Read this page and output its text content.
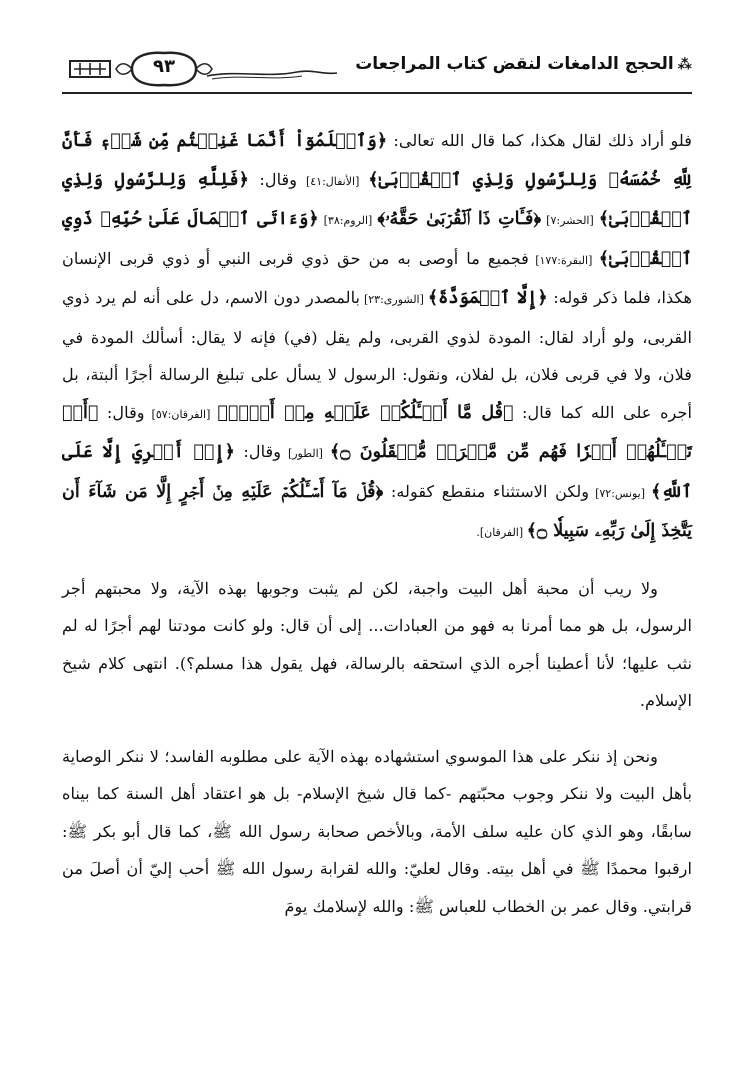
⁂الحجج الدامغات لنقض كتاب المراجعات
٩٣

فلو أراد ذلك لقال هكذا، كما قال الله تعالى: ﴿وَٱعۡلَمُوٓاْ أَنَّمَا غَنِمۡتُم مِّن شَيۡءٖ فَأَنَّ لِلَّهِ خُمُسَهُۥ وَلِلرَّسُولِ وَلِذِي ٱلۡقُرۡبَىٰ﴾ [الأنفال:٤١] وقال: ﴿فَلِلَّهِ وَلِلرَّسُولِ وَلِذِي ٱلۡقُرۡبَىٰ﴾ [الحشر:٧] ﴿فَـَٔاتِ ذَا ٱلۡقُرۡبَىٰ حَقَّهُۥ﴾ [الروم:٣٨] ﴿وَءَاتَى ٱلۡمَالَ عَلَىٰ حُبِّهِۦ ذَوِي ٱلۡقُرۡبَىٰ﴾ [البقرة:١٧٧] فجميع ما أوصى به من حق ذوي قربى النبي أو ذوي قربى الإنسان هكذا، فلما ذكر قوله: ﴿إِلَّا ٱلۡمَوَدَّةَ﴾ [الشورى:٢٣] بالمصدر دون الاسم، دل على أنه لم يرد ذوي القربى، ولو أراد لقال: المودة لذوي القربى، ولم يقل (في) فإنه لا يقال: أسألك المودة في فلان، ولا في قربى فلان، بل لفلان، ونقول: الرسول لا يسأل على تبليغ الرسالة أجرًا ألبتة، بل أجره على الله كما قال: ﴿قُل مَّا أَسۡـَٔلُكُمۡ عَلَيۡهِ مِنۡ أَجۡرٖ﴾ [الفرقان:٥٧] وقال: ﴿أَمۡ تَسۡـَٔلُهُمۡ أَجۡرٗا فَهُم مِّن مَّغۡرَمٖ مُّثۡقَلُونَ ۝﴾ [الطور] وقال: ﴿إِنۡ أَجۡرِيَ إِلَّا عَلَى ٱللَّهِ﴾ [يونس:٧٢] ولكن الاستثناء منقطع كقوله: ﴿قُلۡ مَآ أَسۡـَٔلُكُمۡ عَلَيۡهِ مِنۡ أَجۡرٍ إِلَّا مَن شَآءَ أَن يَتَّخِذَ إِلَىٰ رَبِّهِۦ سَبِيلٗا ۝﴾ [الفرقان].

ولا ريب أن محبة أهل البيت واجبة، لكن لم يثبت وجوبها بهذه الآية، ولا محبتهم أجر الرسول، بل هو مما أمرنا به فهو من العبادات... إلى أن قال: ولو كانت مودتنا لهم أجرًا له لم نثب عليها؛ لأنا أعطينا أجره الذي استحقه بالرسالة، فهل يقول هذا مسلم؟). انتهى كلام شيخ الإسلام.

ونحن إذ ننكر على هذا الموسوي استشهاده بهذه الآية على مطلوبه الفاسد؛ لا ننكر الوصاية بأهل البيت ولا ننكر وجوب محبّتهم -كما قال شيخ الإسلام- بل هو اعتقاد أهل السنة كما بيناه سابقًا، وهو الذي كان عليه سلف الأمة، وبالأخص صحابة رسول الله ﷺ، كما قال أبو بكر ﷺ: ارقبوا محمدًا ﷺ في أهل بيته. وقال لعليّ: والله لقرابة رسول الله ﷺ أحب إليّ أن أصلَ من قرابتي. وقال عمر بن الخطاب للعباس ﷺ: والله لإسلامك يومَ
